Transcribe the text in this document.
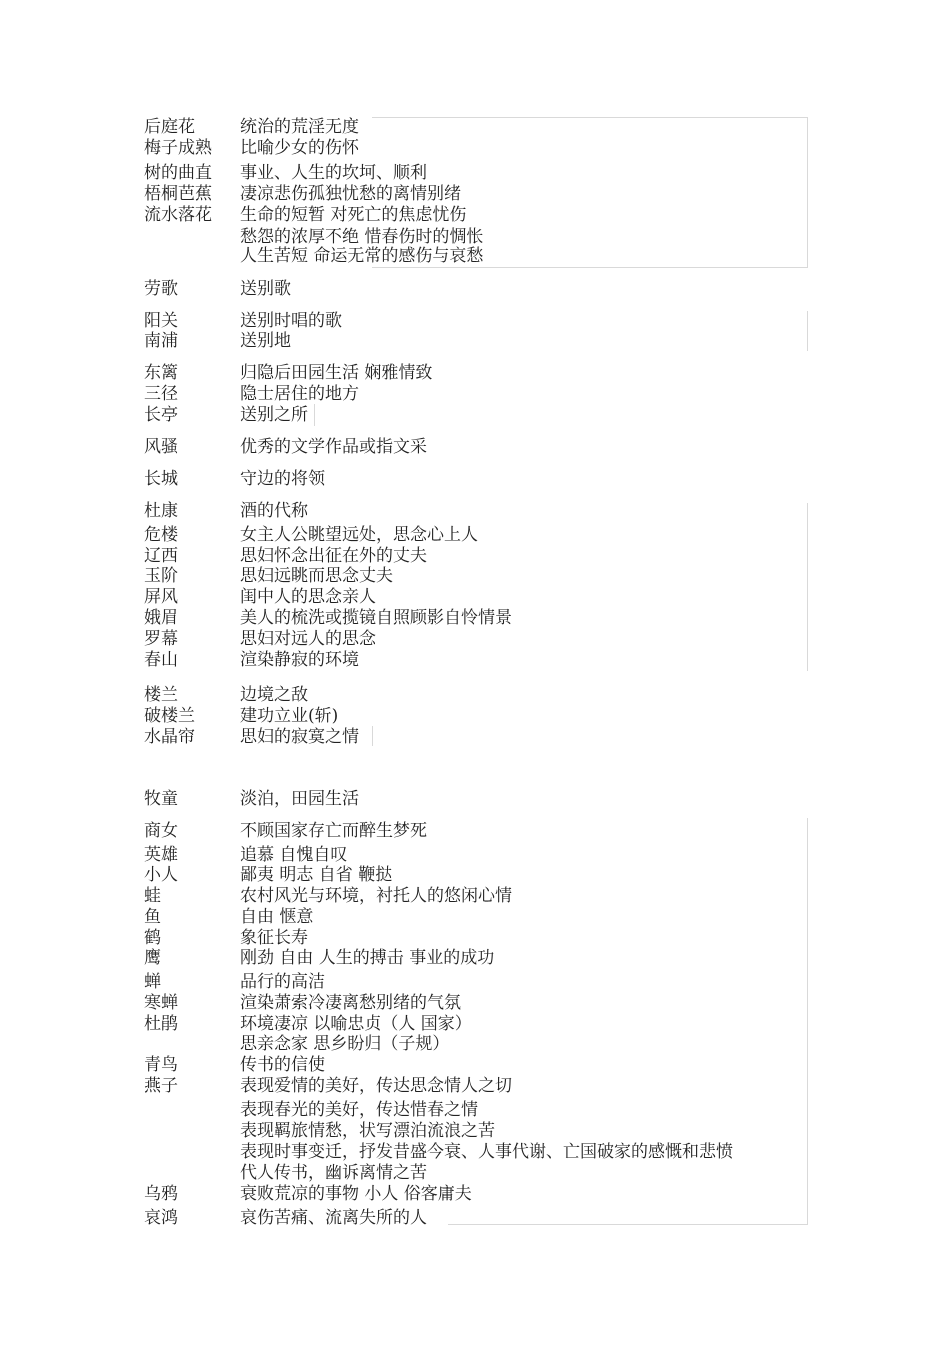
后庭花	统治的荒淫无度
梅子成熟 比喻少女的伤怀
树的曲直 事业、人生的坎坷、顺利
梧桐芭蕉 凄凉悲伤孤独忧愁的离情别绪
流水落花 生命的短暂 对死亡的焦虑忧伤
愁怨的浓厚不绝 惜春伤时的惆怅
人生苦短 命运无常的感伤与哀愁
劳歌	送别歌
阳关	送别时唱的歌
南浦	送别地
东篱	归隐后田园生活 娴雅情致
三径	隐士居住的地方
长亭	送别之所
风骚	优秀的文学作品或指文采
长城	守边的将领
杜康	酒的代称
危楼	女主人公眺望远处，思念心上人
辽西	思妇怀念出征在外的丈夫
玉阶	思妇远眺而思念丈夫
屏风	闺中人的思念亲人
娥眉	美人的梳洗或揽镜自照顾影自怜情景
罗幕	思妇对远人的思念
春山	渲染静寂的环境
楼兰	边境之敌
破楼兰	建功立业(斩)
水晶帘	思妇的寂寞之情
牧童	淡泊，田园生活
商女	不顾国家存亡而醉生梦死
英雄	追慕 自愧自叹
小人	鄙夷 明志 自省 鞭挞
蛙	农村风光与环境，衬托人的悠闲心情
鱼	自由 惬意
鹤	象征长寿
鹰	刚劲 自由 人生的搏击 事业的成功
蝉	品行的高洁
寒蝉	渲染萧索冷凄离愁别绪的气氛
杜鹃	环境凄凉 以喻忠贞（人 国家）
思亲念家 思乡盼归（子规）
青鸟	传书的信使
燕子	表现爱情的美好，传达思念情人之切
表现春光的美好，传达惜春之情
表现羁旅情愁，状写漂泊流浪之苦
表现时事变迁，抒发昔盛今衰、人事代谢、亡国破家的感慨和悲愤
代人传书，幽诉离情之苦
乌鸦	衰败荒凉的事物 小人 俗客庸夫
哀鸿	哀伤苦痛、流离失所的人
